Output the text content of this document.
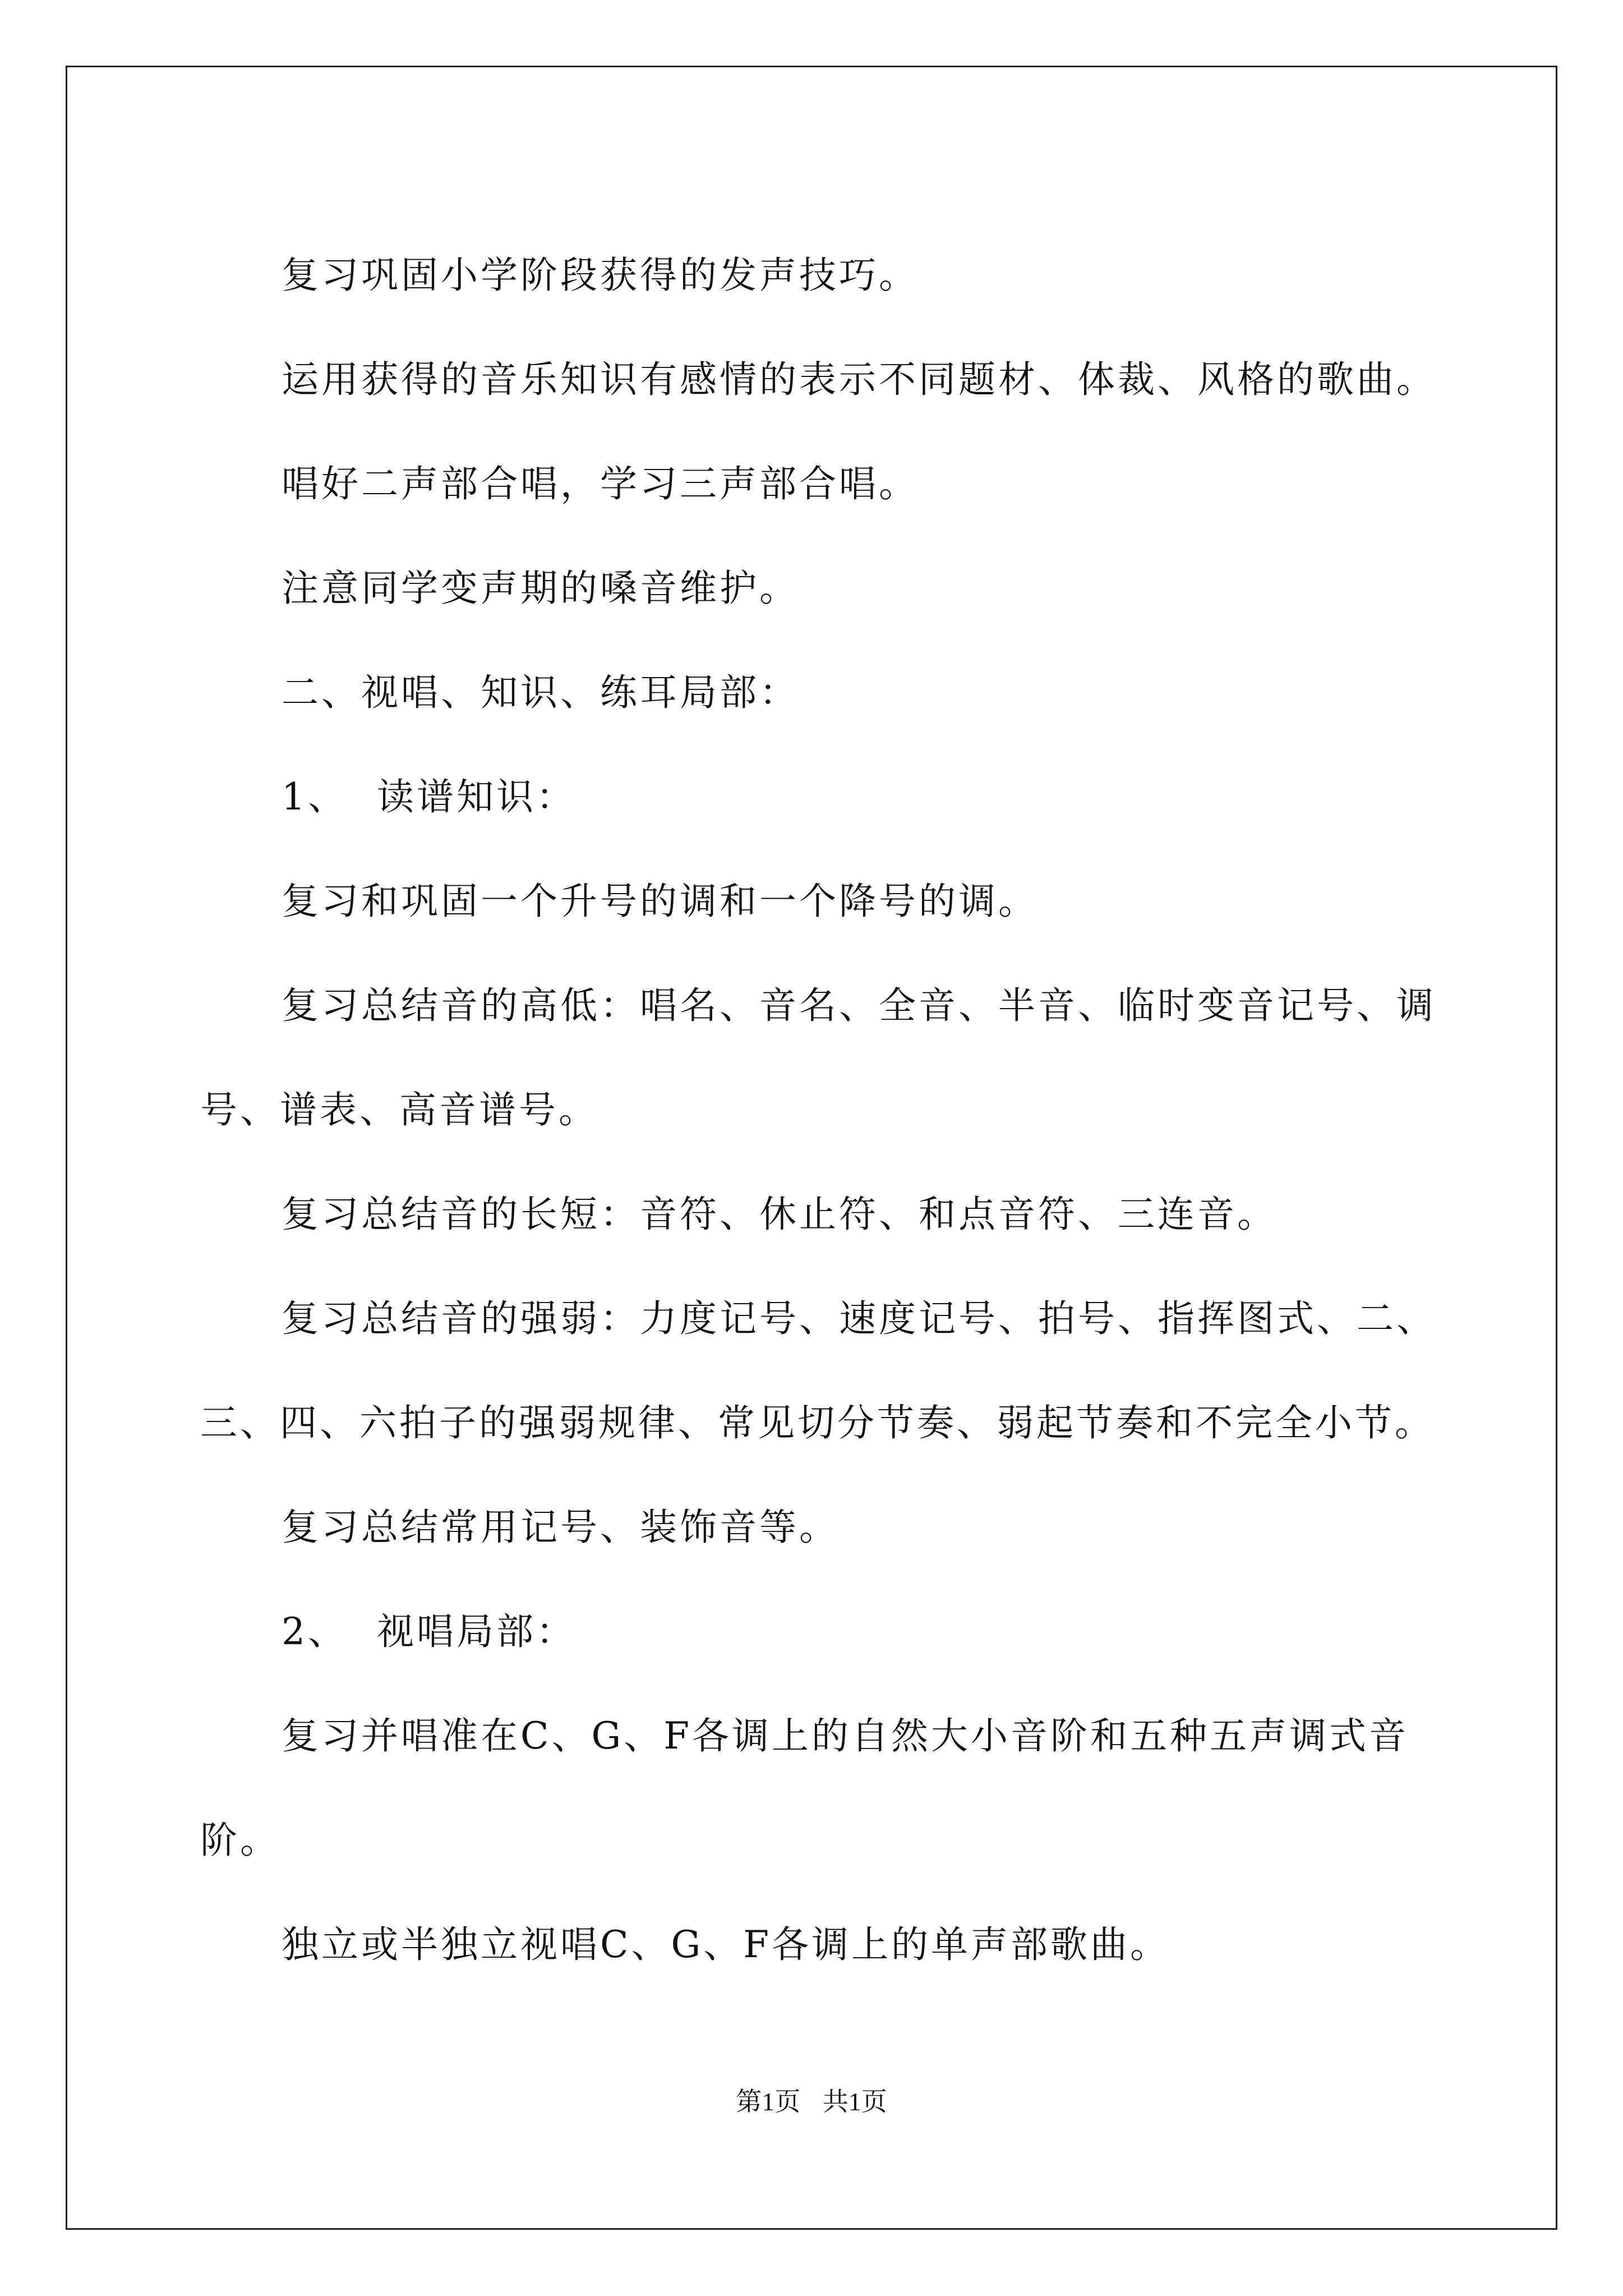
复习巩固小学阶段获得的发声技巧。

运用获得的音乐知识有感情的表示不同题材、体裁、风格的歌曲。

唱好二声部合唱，学习三声部合唱。

注意同学变声期的嗓音维护。

二、视唱、知识、练耳局部：

1、  读谱知识：

复习和巩固一个升号的调和一个降号的调。

复习总结音的高低：唱名、音名、全音、半音、临时变音记号、调号、谱表、高音谱号。

复习总结音的长短：音符、休止符、和点音符、三连音。

复习总结音的强弱：力度记号、速度记号、拍号、指挥图式、二、三、四、六拍子的强弱规律、常见切分节奏、弱起节奏和不完全小节。

复习总结常用记号、装饰音等。

2、  视唱局部：

复习并唱准在C、G、F各调上的自然大小音阶和五种五声调式音阶。

独立或半独立视唱C、G、F各调上的单声部歌曲。

第1页 共1页
